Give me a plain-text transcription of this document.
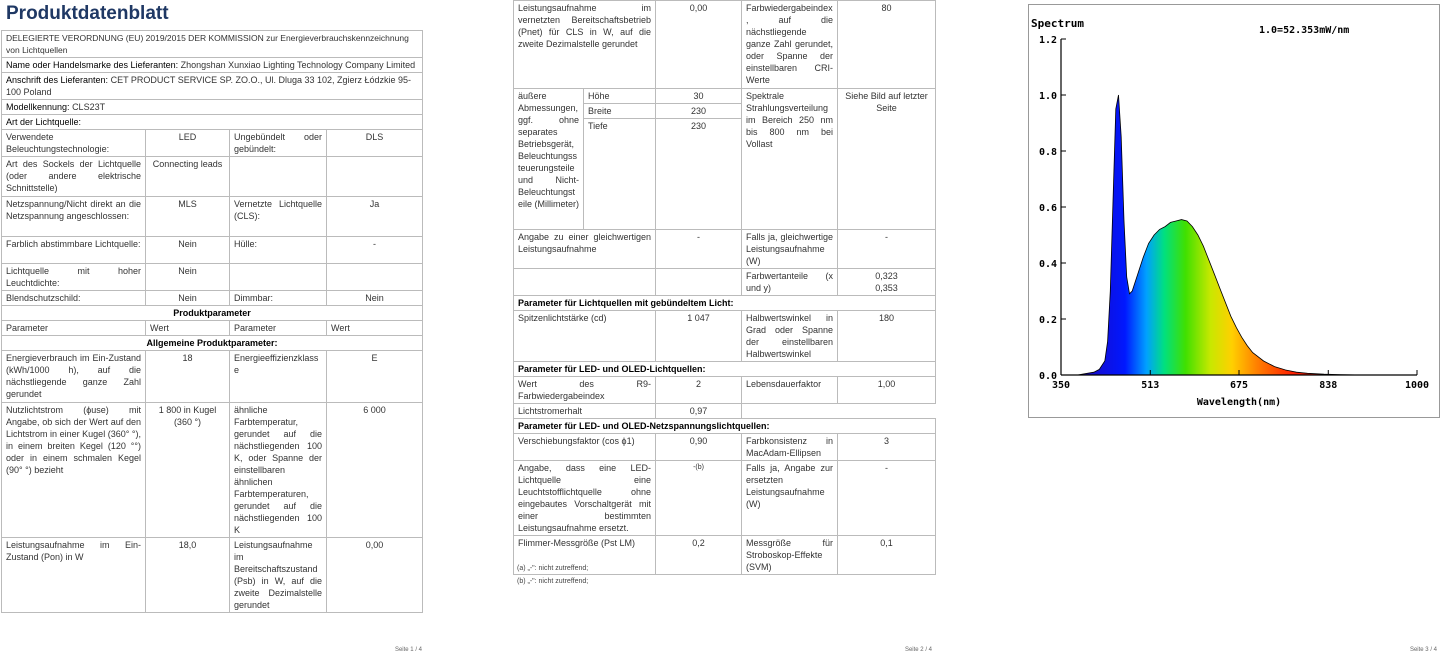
Produktdatenblatt
DELEGIERTE VERORDNUNG (EU) 2019/2015 DER KOMMISSION zur Energieverbrauchskennzeichnung von Lichtquellen			
Name oder Handelsmarke des Lieferanten: Zhongshan Xunxiao Lighting Technology Company Limited			
Anschrift des Lieferanten: CET PRODUCT SERVICE SP. ZO.O., Ul. Dluga 33 102, Zgierz Łódzkie 95-100 Poland			
Modellkennung: CLS23T			
Art der Lichtquelle:			
Verwendete Beleuchtungstechnologie:	LED	Ungebündelt oder gebündelt:	DLS
Art des Sockels der Lichtquelle (oder andere elektrische Schnittstelle)	Connecting leads		
Netzspannung/Nicht direkt an die Netzspannung angeschlossen:	MLS	Vernetzte Lichtquelle (CLS):	Ja
Farblich abstimmbare Lichtquelle:	Nein	Hülle:	-
Lichtquelle mit hoher Leuchtdichte:	Nein		
Blendschutzschild:	Nein	Dimmbar:	Nein
Produktparameter			
Parameter	Wert	Parameter	Wert
Allgemeine Produktparameter:			
Energieverbrauch im Ein-Zustand (kWh/1000 h), auf die nächstliegende ganze Zahl gerundet	18	Energieeffizienzklasse	E
Nutzlichtstrom (ϕuse) mit Angabe, ob sich der Wert auf den Lichtstrom in einer Kugel (360° °), in einem breiten Kegel (120 °°) oder in einem schmalen Kegel (90° °) bezieht	1 800 in Kugel (360 °)	ähnliche Farbtemperatur, gerundet auf die nächstliegenden 100 K, oder Spanne der einstellbaren ähnlichen Farbtemperaturen, gerundet auf die nächstliegenden 100 K	6 000
Leistungsaufnahme im Ein-Zustand (Pon) in W	18,0	Leistungsaufnahme im Bereitschaftszustand (Psb) in W, auf die zweite Dezimalstelle gerundet	0,00
Seite 1 / 4
Leistungsaufnahme im vernetzten Bereitschaftsbetrieb (Pnet) für CLS in W, auf die zweite Dezimalstelle gerundet		0,00	Farbwiedergabeindex, auf die nächstliegende ganze Zahl gerundet, oder Spanne der einstellbaren CRI-Werte	80
äußere Abmessungen, ggf. ohne separates Betriebsgerät, Beleuchtungssteuerungsteile und Nicht-Beleuchtungsteile (Millimeter)	Höhe	30	Spektrale Strahlungsverteilung im Bereich 250 nm bis 800 nm bei Vollast	Siehe Bild auf letzter Seite
	Breite	230		
	Tiefe	230		
Angabe zu einer gleichwertigen Leistungsaufnahme		-	Falls ja, gleichwertige Leistungsaufnahme (W)	-
			Farbwertanteile (x und y)	0,323
0,353

Parameter für Lichtquellen mit gebündeltem Licht:				
Spitzenlichtstärke (cd)		1 047	Halbwertswinkel in Grad oder Spanne der einstellbaren Halbwertswinkel	180
Parameter für LED- und OLED-Lichtquellen:				
Wert des R9-Farbwiedergabeindex		2	Lebensdauerfaktor	1,00
Lichtstromerhalt		0,97		
Parameter für LED- und OLED-Netzspannungslichtquellen:				
Verschiebungsfaktor (cos ϕ1)		0,90	Farbkonsistenz in MacAdam-Ellipsen	3
Angabe, dass eine LED-Lichtquelle eine Leuchtstofflichtquelle ohne eingebautes Vorschaltgerät mit einer bestimmten Leistungsaufnahme ersetzt.		-(b)	Falls ja, Angabe zur ersetzten Leistungsaufnahme (W)	-
Flimmer-Messgröße (Pst LM)		0,2	Messgröße für Stroboskop-Effekte (SVM)	0,1
(a) „-": nicht zutreffend;
(b) „-": nicht zutreffend;
Seite 2 / 4
Spectrum
1.0=52.353mW/nm
0.0
0.2
0.4
0.6
0.8
1.0
1.2
350	513	675	838	1000
Wavelength(nm)
Seite 3 / 4
